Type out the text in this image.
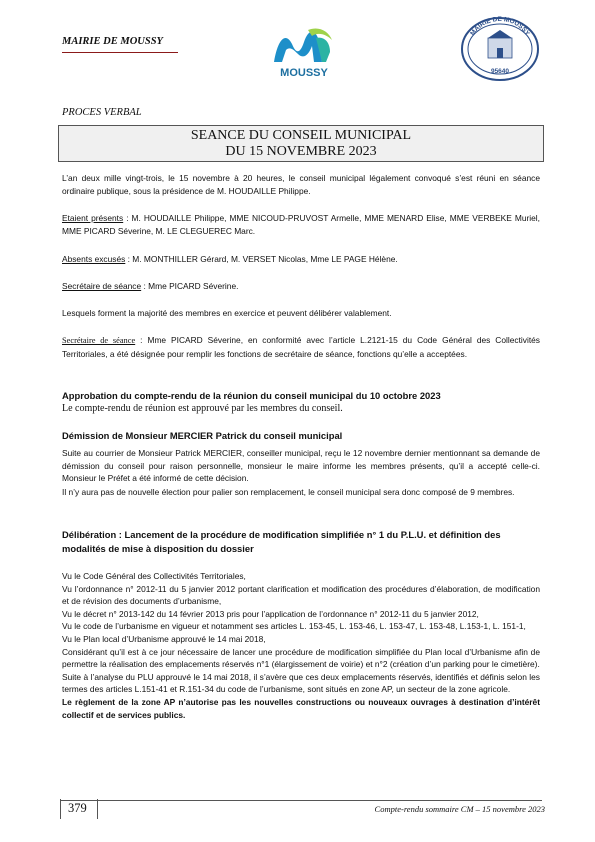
MAIRIE DE MOUSSY
MOUSSY
MAIRIE DE MOUSSY
95640
PROCES VERBAL
SEANCE DU CONSEIL MUNICIPAL
DU 15 NOVEMBRE 2023
L’an deux mille vingt-trois, le 15 novembre à 20 heures, le conseil municipal légalement convoqué s’est réuni en séance ordinaire publique, sous la présidence de M. HOUDAILLE Philippe.
Etaient présents : M. HOUDAILLE Philippe, MME NICOUD-PRUVOST Armelle, MME MENARD Elise, MME VERBEKE Muriel, MME PICARD Séverine, M. LE CLEGUEREC Marc.
Absents excusés : M. MONTHILLER Gérard, M. VERSET Nicolas, Mme LE PAGE Hélène.
Secrétaire de séance : Mme PICARD Séverine.
Lesquels forment la majorité des membres en exercice et peuvent délibérer valablement.
Secrétaire de séance : Mme PICARD Séverine, en conformité avec l’article L.2121-15 du Code Général des Collectivités Territoriales, a été désignée pour remplir les fonctions de secrétaire de séance, fonctions qu’elle a acceptées.
Approbation du compte-rendu de la réunion du conseil municipal du 10 octobre 2023
Le compte-rendu de réunion est approuvé par les membres du conseil.
Démission de Monsieur MERCIER Patrick du conseil municipal
Suite au courrier de Monsieur Patrick MERCIER, conseiller municipal, reçu le 12 novembre dernier mentionnant sa demande de démission du conseil pour raison personnelle, monsieur le maire informe les membres présents, qu’il a accepté celle-ci. Monsieur le Préfet a été informé de cette décision.
Il n’y aura pas de nouvelle élection pour palier son remplacement, le conseil municipal sera donc composé de 9 membres.
Délibération : Lancement de la procédure de modification simplifiée n° 1 du P.L.U. et définition des modalités de mise à disposition du dossier
Vu le Code Général des Collectivités Territoriales,
Vu l’ordonnance n° 2012-11 du 5 janvier 2012 portant clarification et modification des procédures d’élaboration, de modification et de révision des documents d’urbanisme,
Vu le décret n° 2013-142 du 14 février 2013 pris pour l’application de l’ordonnance n° 2012-11 du 5 janvier 2012,
Vu le code de l’urbanisme en vigueur et notamment ses articles L. 153-45, L. 153-46, L. 153-47, L. 153-48, L.153-1, L. 151-1,
Vu le Plan local d’Urbanisme approuvé le 14 mai 2018,
Considérant qu’il est à ce jour nécessaire de lancer une procédure de modification simplifiée du Plan local d’Urbanisme afin de permettre la réalisation des emplacements réservés n°1 (élargissement de voirie) et n°2 (création d’un parking pour le cimetière).
Suite à l’analyse du PLU approuvé le 14 mai 2018, il s’avère que ces deux emplacements réservés, identifiés et définis selon les termes des articles L.151-41 et R.151-34 du code de l’urbanisme, sont situés en zone AP, un secteur de la zone agricole.
Le règlement de la zone AP n’autorise pas les nouvelles constructions ou nouveaux ouvrages à destination d’intérêt collectif et de services publics.
379	Compte-rendu sommaire CM – 15 novembre 2023
